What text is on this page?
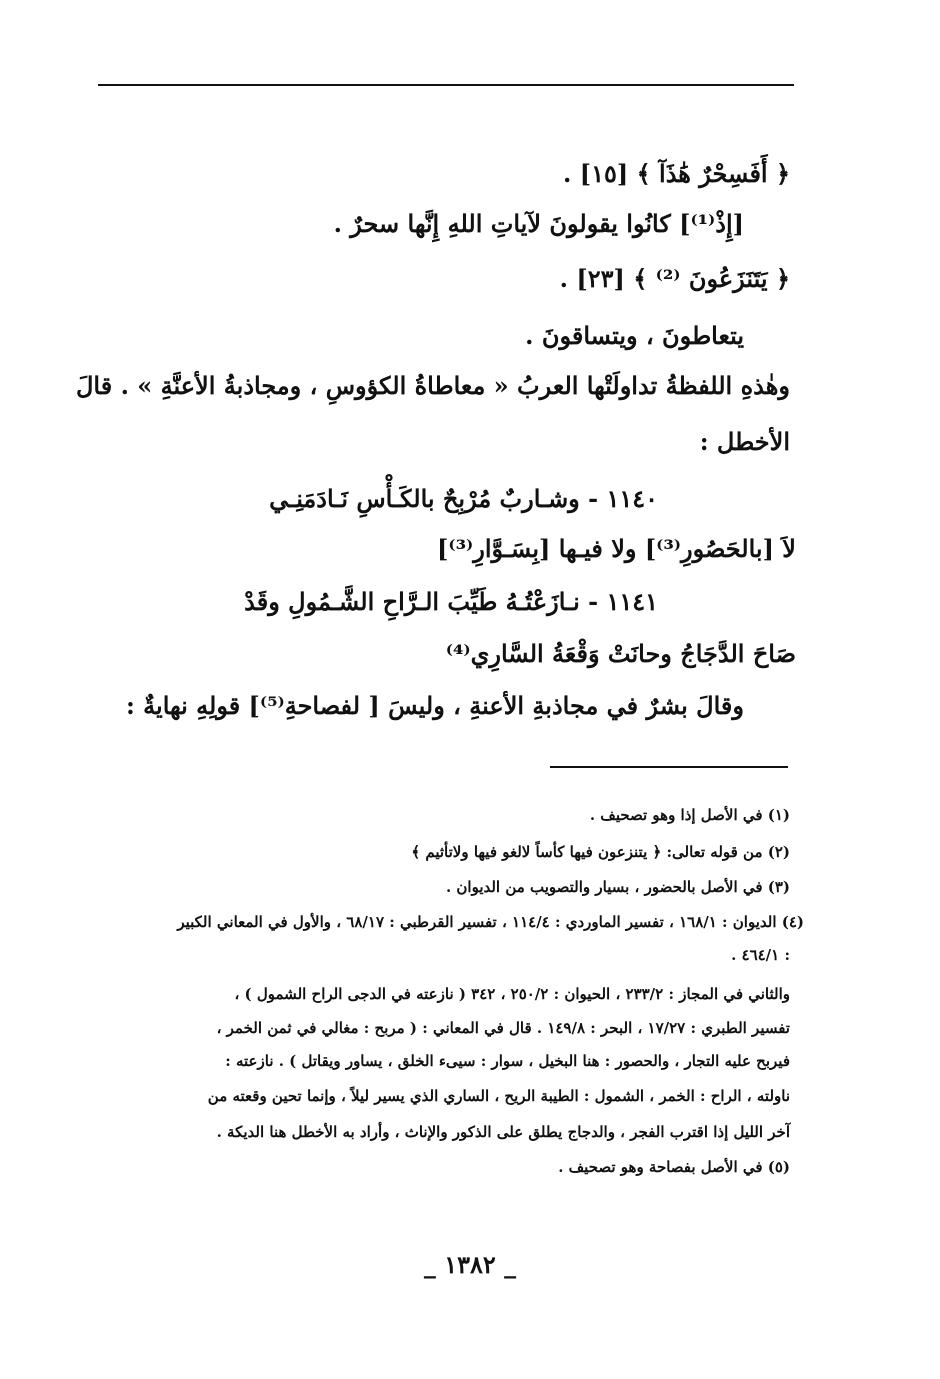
﴿ أَفَسِحْرٌ هَٰذَآ ﴾ [١٥] .
[إِذْ⁽¹⁾] كانُوا يقولونَ لآياتِ اللهِ إِنَّها سحرٌ .
﴿ يَتَنَزَعُونَ ⁽²⁾ ﴾ [٢٣] .
يتعاطونَ ، ويتساقونَ .
وهٰذهِ اللفظةُ تداولَتْها العربُ « معاطاةُ الكؤوسِ ، ومجاذبةُ الأعنَّةِ » . قالَ
الأخطل :
١١٤٠ - وشـاربٌ مُرْبِحٌ بالكَـأْسِ نَـادَمَنِـي
لاَ [بالحَصُورِ⁽³⁾] ولا فيـها [بِسَـوَّارِ⁽³⁾]
١١٤١ - نـازَعْتُـهُ طَيِّبَ الـرَّاحِ الشَّـمُولِ وقَدْ
صَاحَ الدَّجَاجُ وحانَتْ وَقْعَةُ السَّارِي⁽⁴⁾
وقالَ بشرٌ في مجاذبةِ الأعنةِ ، وليسَ [ لفصاحةِ⁽⁵⁾] قولِهِ نهايةٌ :
(١) في الأصل إذا وهو تصحيف .
(٢) من قوله تعالى: ﴿ يتنزعون فيها كأساً لالغو فيها ولاتأثيم ﴾
(٣) في الأصل بالحضور ، بسيار والتصويب من الديوان .
(٤) الديوان : ١٦٨/١ ، تفسير الماوردي : ١١٤/٤ ، تفسير القرطبي : ٦٨/١٧ ، والأول في المعاني الكبير
: ٤٦٤/١ .
والثاني في المجاز : ٢٣٣/٢ ، الحيوان : ٢٥٠/٢ ، ٣٤٢ ( نازعته في الدجى الراح الشمول ) ،
تفسير الطبري : ١٧/٢٧ ، البحر : ١٤٩/٨ . قال في المعاني : ( مربح : مغالي في ثمن الخمر ،
فيربح عليه التجار ، والحصور : هنا البخيل ، سوار : سيىء الخلق ، يساور ويقاتل ) . نازعته :
ناولته ، الراح : الخمر ، الشمول : الطيبة الريح ، الساري الذي يسير ليلاً ، وإنما تحين وقعته من
آخر الليل إذا اقترب الفجر ، والدجاج يطلق على الذكور والإناث ، وأراد به الأخطل هنا الديكة .
(٥) في الأصل بفصاحة وهو تصحيف .
_ ١٣٨٢ _
